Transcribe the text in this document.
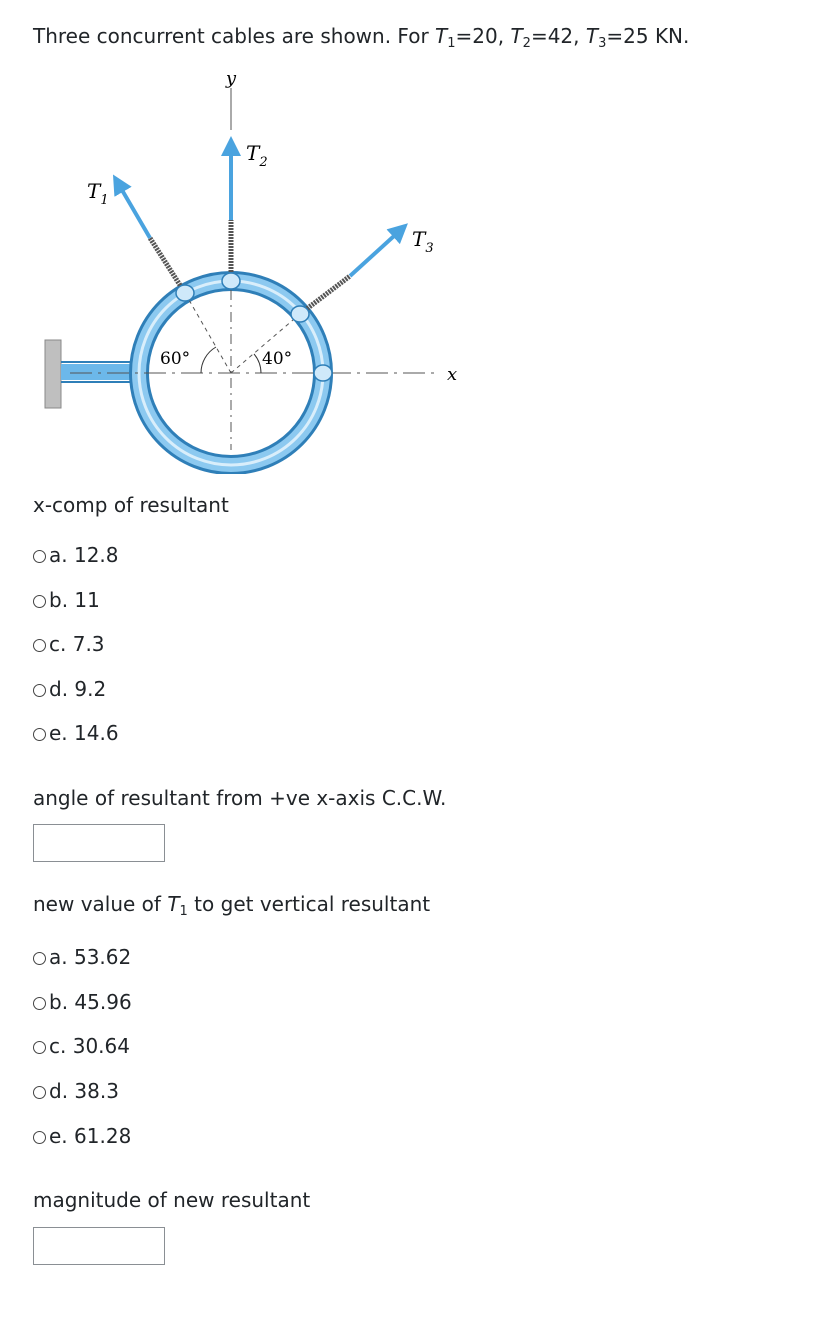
Three concurrent cables are shown. For $T_1=20$, $T_2=42$, $T_3=25$ KN.
y
x
$T_1$
$T_2$
$T_3$
60°	40°
x-comp of resultant
a.
12.8
b.
11
c.
7.3
d.
9.2
e.
14.6
angle of resultant from +ve x-axis C.C.W.
new value of $T_1$ to get vertical resultant
a.
53.62
b.
45.96
c.
30.64
d.
38.3
e.
61.28
magnitude of new resultant
